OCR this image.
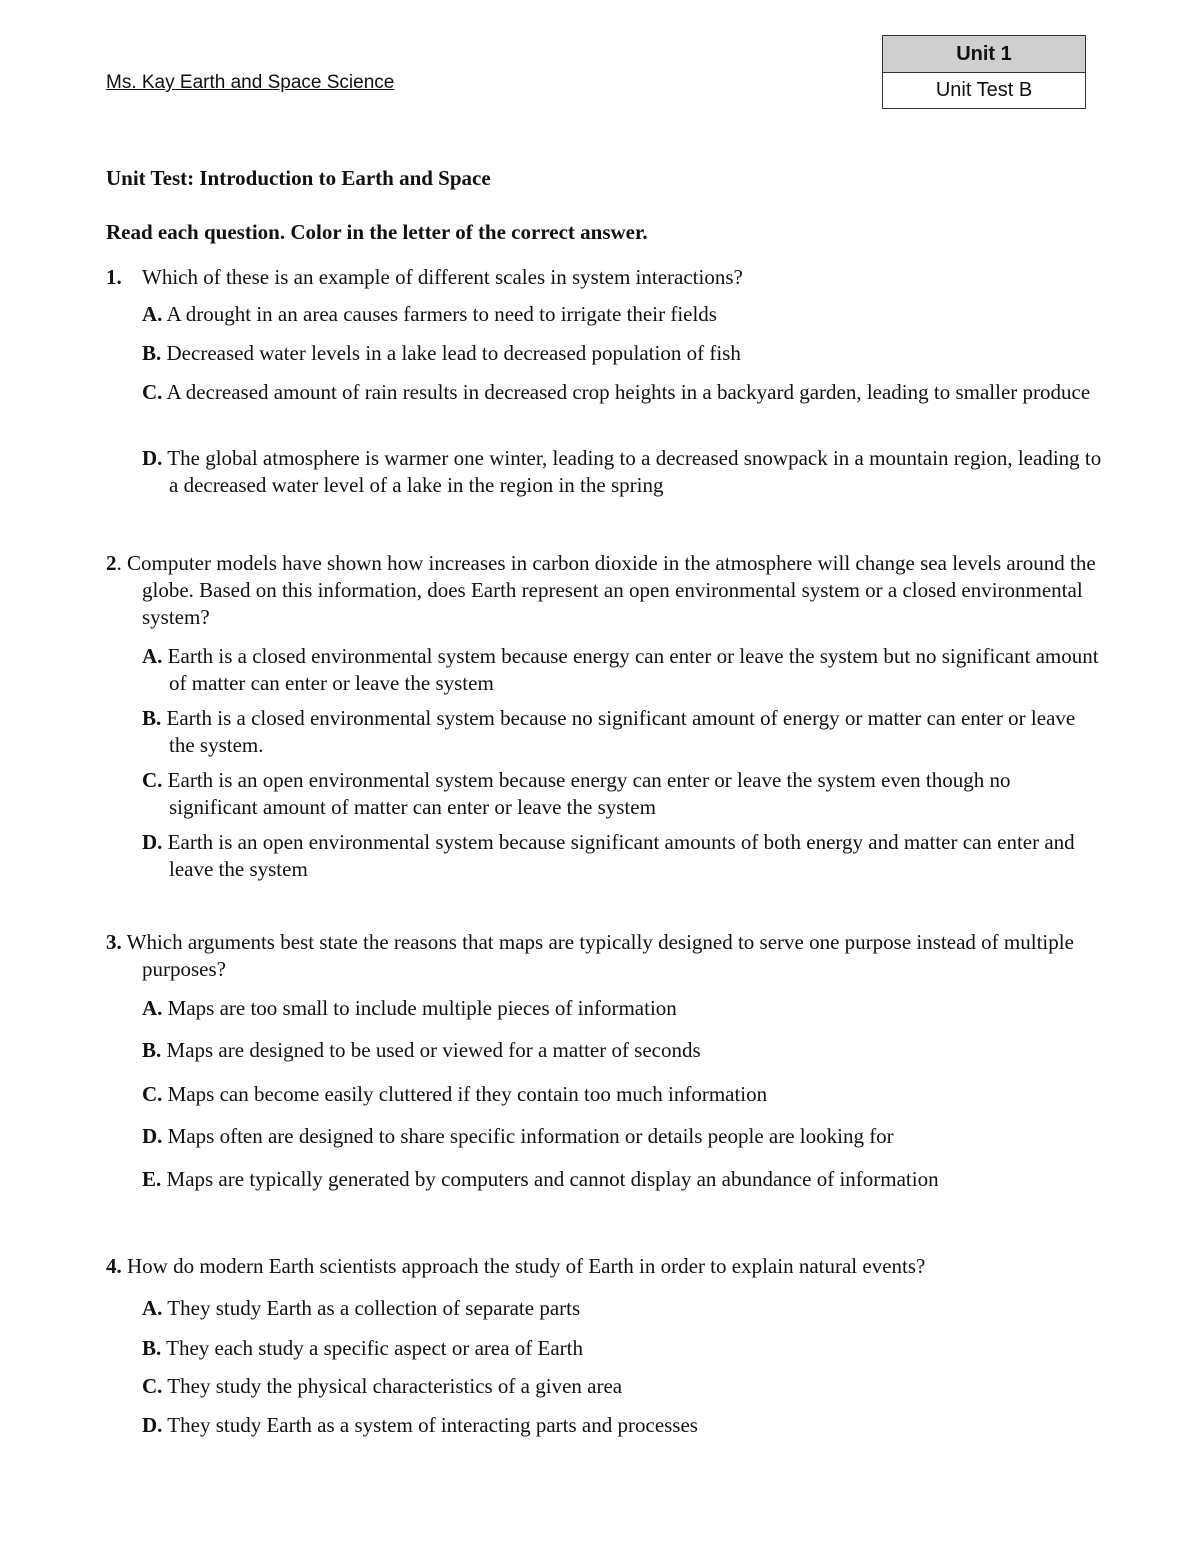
Ms. Kay Earth and Space Science
Unit 1
Unit Test B
Unit Test: Introduction to Earth and Space
Read each question. Color in the letter of the correct answer.
1. Which of these is an example of different scales in system interactions?
A. A drought in an area causes farmers to need to irrigate their fields
B. Decreased water levels in a lake lead to decreased population of fish
C. A decreased amount of rain results in decreased crop heights in a backyard garden, leading to smaller produce
D. The global atmosphere is warmer one winter, leading to a decreased snowpack in a mountain region, leading to a decreased water level of a lake in the region in the spring
2. Computer models have shown how increases in carbon dioxide in the atmosphere will change sea levels around the globe. Based on this information, does Earth represent an open environmental system or a closed environmental system?
A. Earth is a closed environmental system because energy can enter or leave the system but no significant amount of matter can enter or leave the system
B. Earth is a closed environmental system because no significant amount of energy or matter can enter or leave the system.
C. Earth is an open environmental system because energy can enter or leave the system even though no significant amount of matter can enter or leave the system
D. Earth is an open environmental system because significant amounts of both energy and matter can enter and leave the system
3. Which arguments best state the reasons that maps are typically designed to serve one purpose instead of multiple purposes?
A. Maps are too small to include multiple pieces of information
B. Maps are designed to be used or viewed for a matter of seconds
C. Maps can become easily cluttered if they contain too much information
D. Maps often are designed to share specific information or details people are looking for
E. Maps are typically generated by computers and cannot display an abundance of information
4. How do modern Earth scientists approach the study of Earth in order to explain natural events?
A. They study Earth as a collection of separate parts
B. They each study a specific aspect or area of Earth
C. They study the physical characteristics of a given area
D. They study Earth as a system of interacting parts and processes
